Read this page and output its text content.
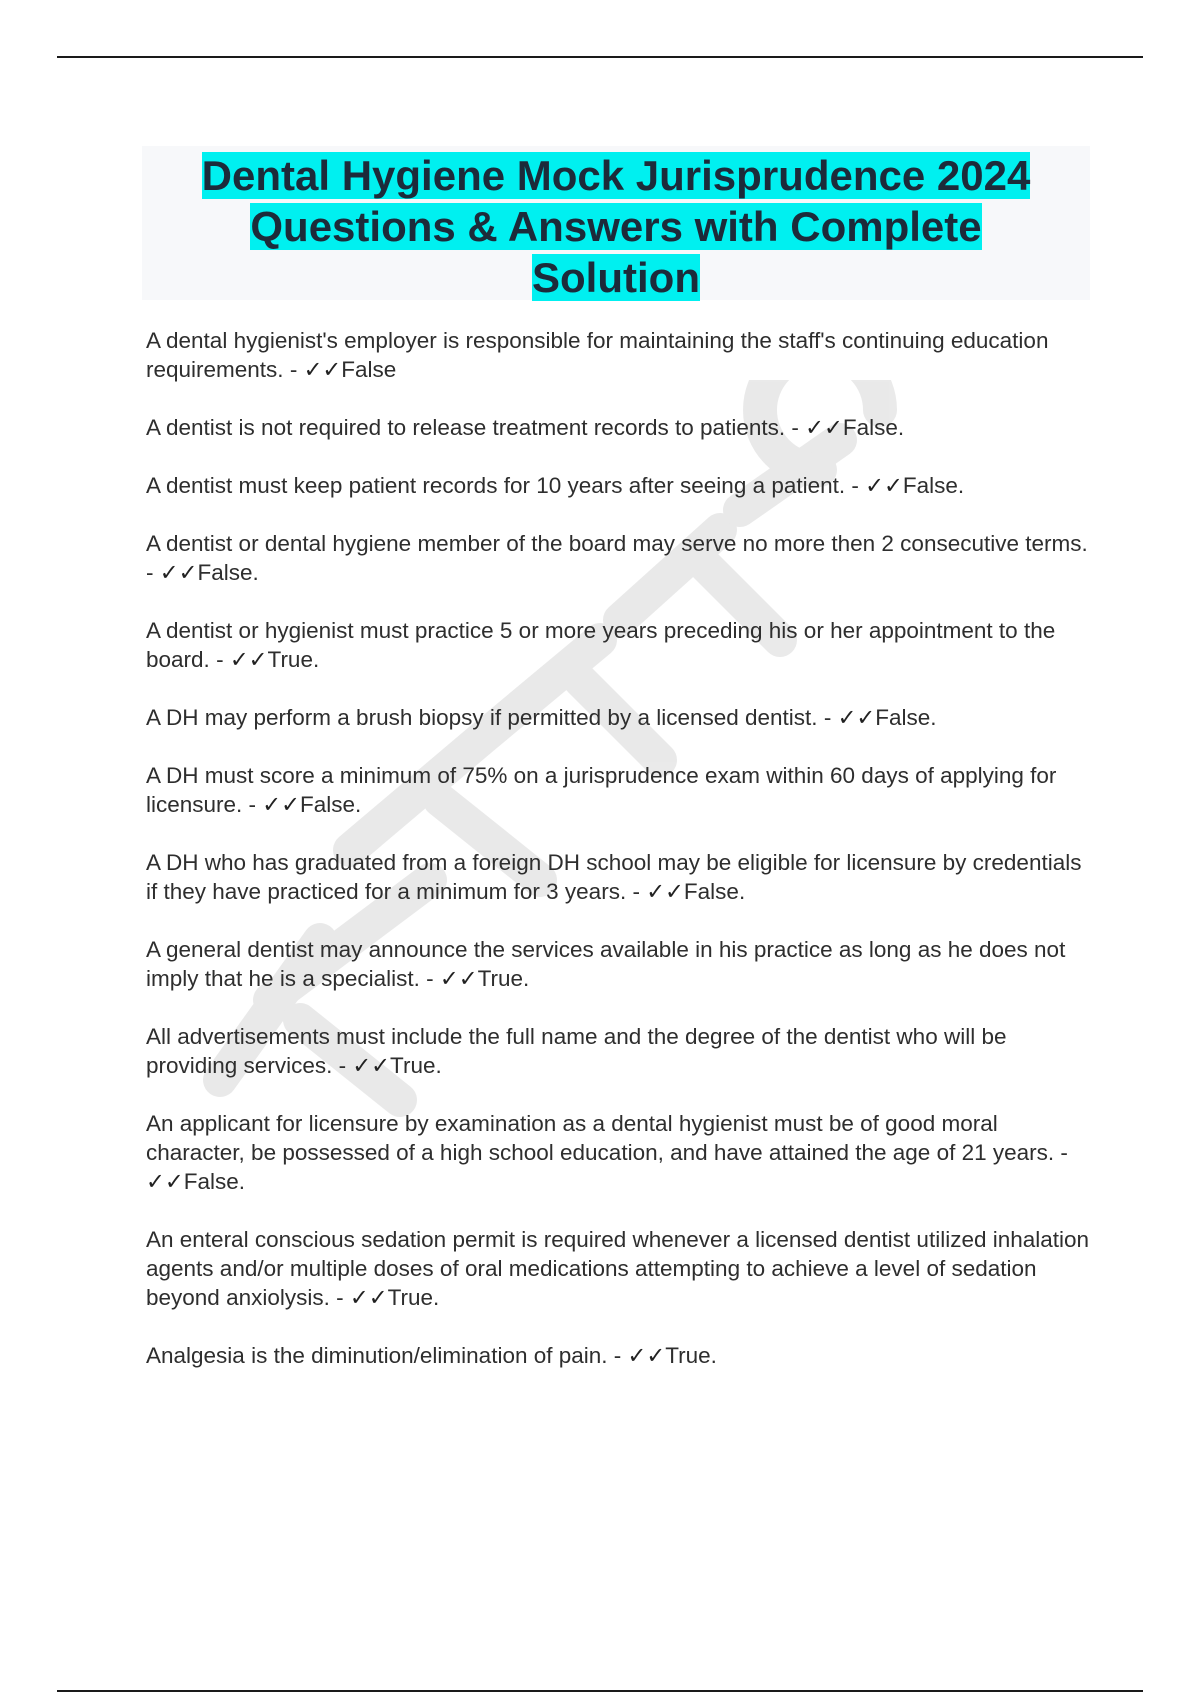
Dental Hygiene Mock Jurisprudence 2024
Questions & Answers with Complete
Solution
A dental hygienist's employer is responsible for maintaining the staff's continuing education requirements. - ✓✓False
A dentist is not required to release treatment records to patients. - ✓✓False.
A dentist must keep patient records for 10 years after seeing a patient. - ✓✓False.
A dentist or dental hygiene member of the board may serve no more then 2 consecutive terms. - ✓✓False.
A dentist or hygienist must practice 5 or more years preceding his or her appointment to the board. - ✓✓True.
A DH may perform a brush biopsy if permitted by a licensed dentist. - ✓✓False.
A DH must score a minimum of 75% on a jurisprudence exam within 60 days of applying for licensure. - ✓✓False.
A DH who has graduated from a foreign DH school may be eligible for licensure by credentials if they have practiced for a minimum for 3 years. - ✓✓False.
A general dentist may announce the services available in his practice as long as he does not imply that he is a specialist. - ✓✓True.
All advertisements must include the full name and the degree of the dentist who will be providing services. - ✓✓True.
An applicant for licensure by examination as a dental hygienist must be of good moral character, be possessed of a high school education, and have attained the age of 21 years. - ✓✓False.
An enteral conscious sedation permit is required whenever a licensed dentist utilized inhalation agents and/or multiple doses of oral medications attempting to achieve a level of sedation beyond anxiolysis. - ✓✓True.
Analgesia is the diminution/elimination of pain. - ✓✓True.
